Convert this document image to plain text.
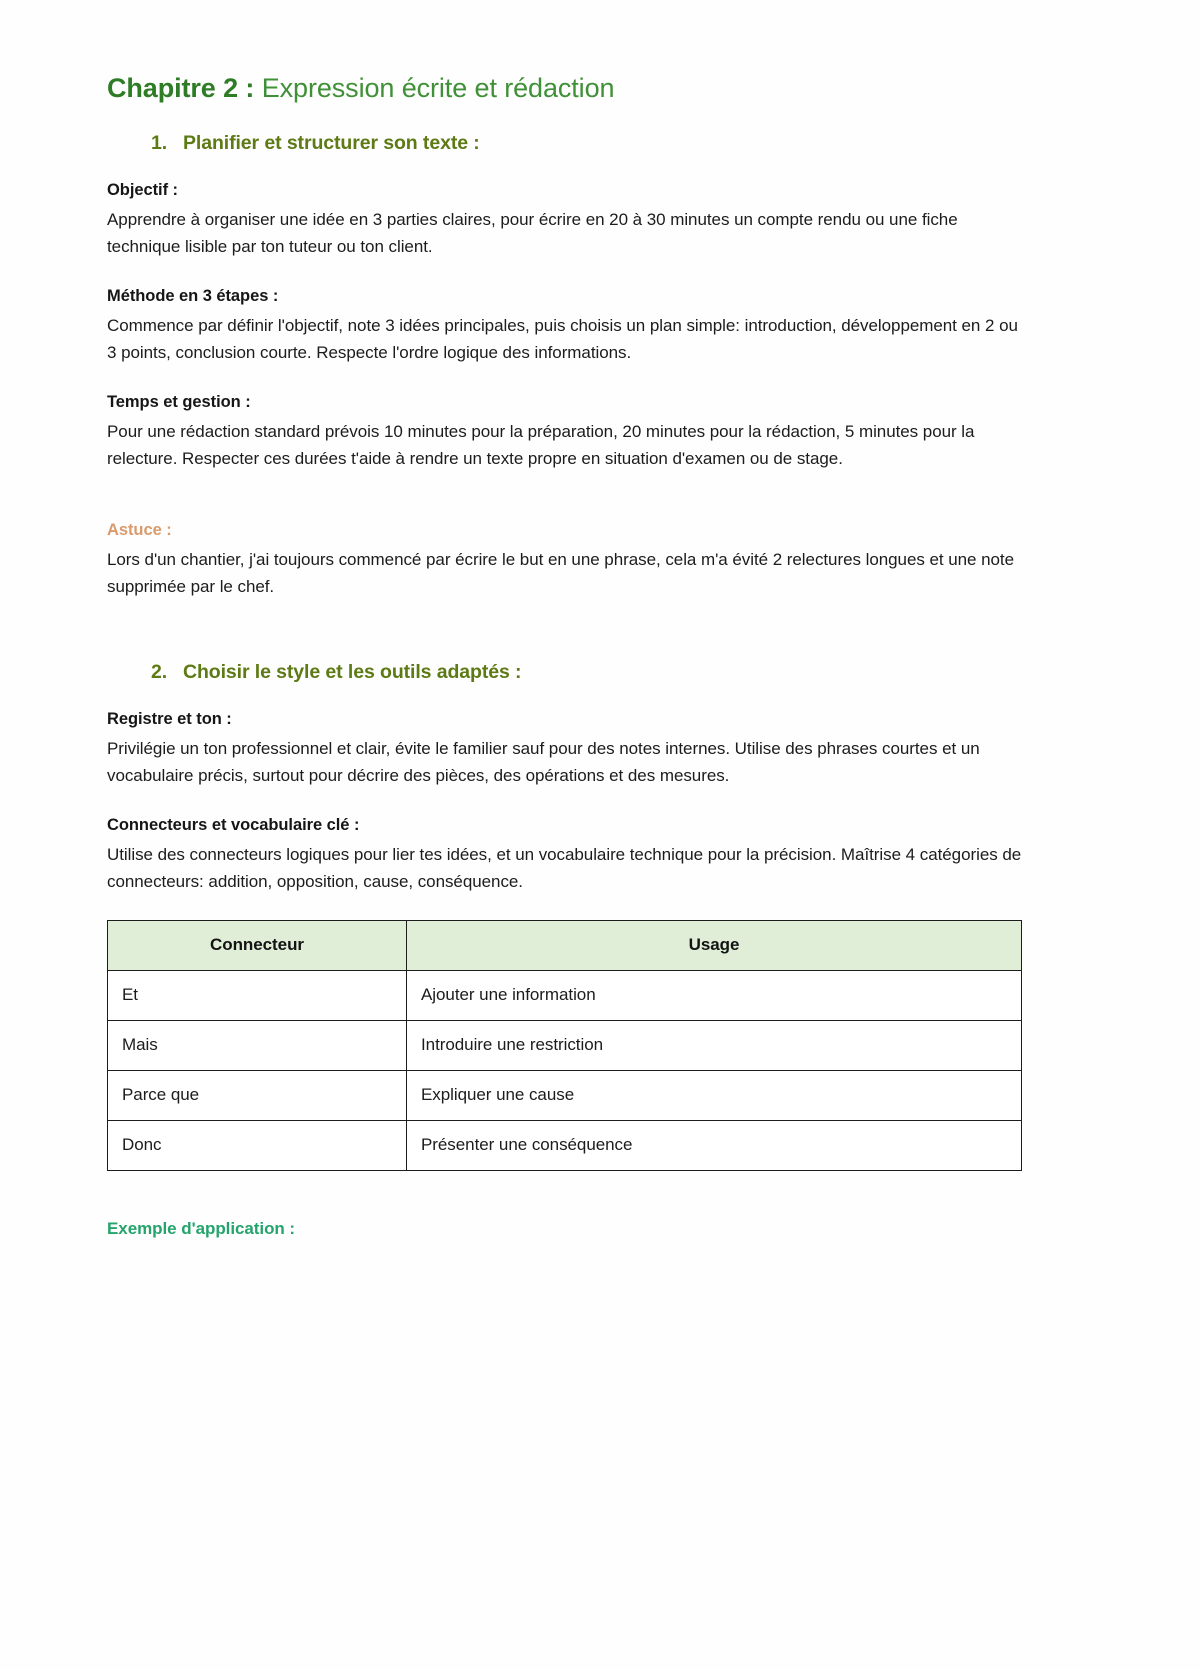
Chapitre 2 : Expression écrite et rédaction
1. Planifier et structurer son texte :
Objectif :

Apprendre à organiser une idée en 3 parties claires, pour écrire en 20 à 30 minutes un compte rendu ou une fiche technique lisible par ton tuteur ou ton client.

Méthode en 3 étapes :

Commence par définir l'objectif, note 3 idées principales, puis choisis un plan simple: introduction, développement en 2 ou 3 points, conclusion courte. Respecte l'ordre logique des informations.

Temps et gestion :

Pour une rédaction standard prévois 10 minutes pour la préparation, 20 minutes pour la rédaction, 5 minutes pour la relecture. Respecter ces durées t'aide à rendre un texte propre en situation d'examen ou de stage.

Astuce :

Lors d'un chantier, j'ai toujours commencé par écrire le but en une phrase, cela m'a évité 2 relectures longues et une note supprimée par le chef.

2. Choisir le style et les outils adaptés :
Registre et ton :

Privilégie un ton professionnel et clair, évite le familier sauf pour des notes internes. Utilise des phrases courtes et un vocabulaire précis, surtout pour décrire des pièces, des opérations et des mesures.

Connecteurs et vocabulaire clé :

Utilise des connecteurs logiques pour lier tes idées, et un vocabulaire technique pour la précision. Maîtrise 4 catégories de connecteurs: addition, opposition, cause, conséquence.

Connecteur	Usage
Et	Ajouter une information
Mais	Introduire une restriction
Parce que	Expliquer une cause
Donc	Présenter une conséquence
Exemple d'application :
